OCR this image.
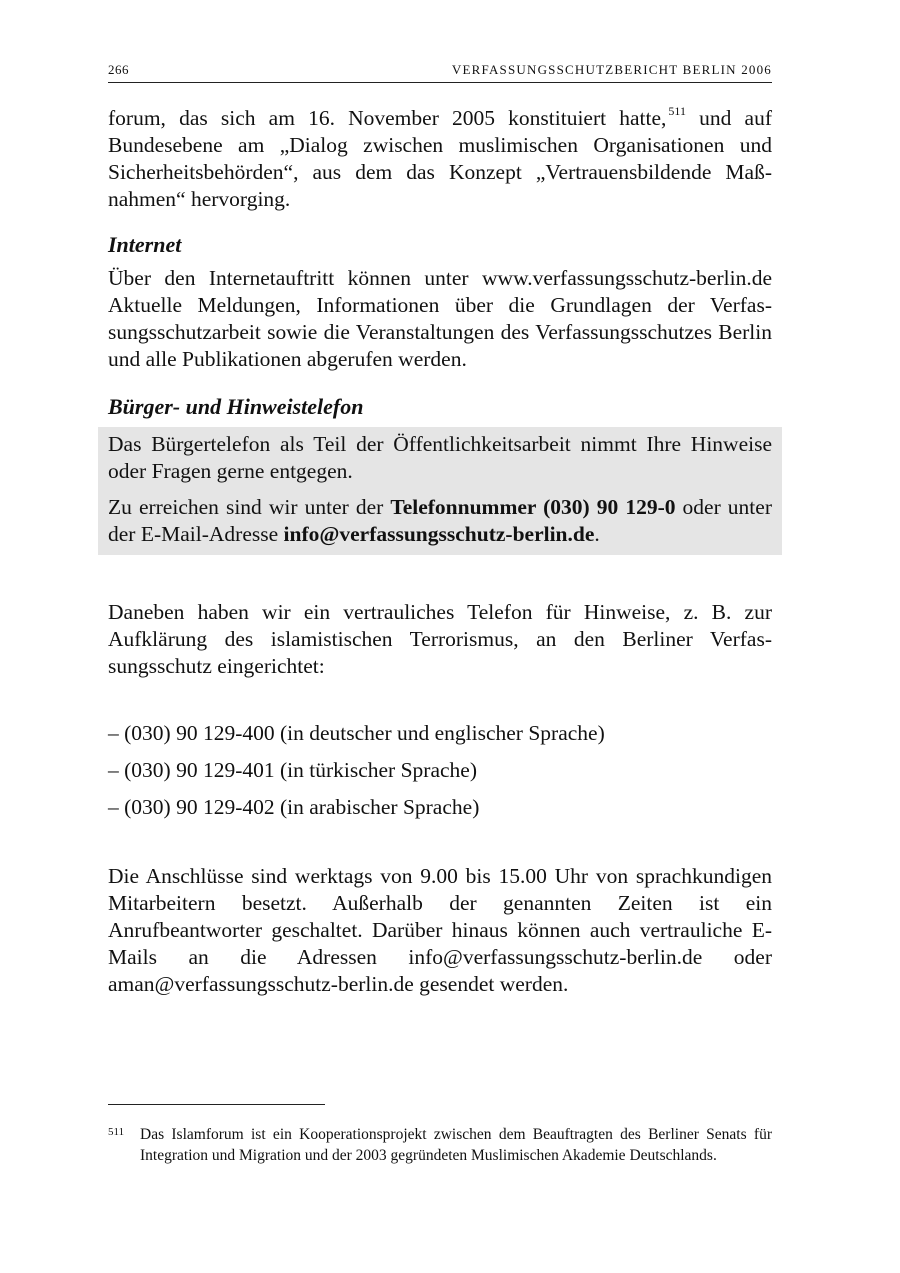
266	VERFASSUNGSSCHUTZBERICHT BERLIN 2006

forum, das sich am 16. November 2005 konstituiert hatte, $^{511}$ und auf Bundesebene am „Dialog zwischen muslimischen Organisationen und Sicherheitsbehörden“, aus dem das Konzept „Vertrauensbildende Maßnahmen“ hervorging.

Internet

Über den Internetauftritt können unter www.verfassungsschutz-berlin.de Aktuelle Meldungen, Informationen über die Grundlagen der Verfassungsschutzarbeit sowie die Veranstaltungen des Verfassungsschutzes Berlin und alle Publikationen abgerufen werden.

Bürger- und Hinweistelefon

Das Bürgertelefon als Teil der Öffentlichkeitsarbeit nimmt Ihre Hinweise oder Fragen gerne entgegen.

Zu erreichen sind wir unter der Telefonnummer (030) 90 129-0 oder unter der E-Mail-Adresse info@verfassungsschutz-berlin.de.

Daneben haben wir ein vertrauliches Telefon für Hinweise, z. B. zur Aufklärung des islamistischen Terrorismus, an den Berliner Verfassungsschutz eingerichtet:

– (030) 90 129-400 (in deutscher und englischer Sprache)
– (030) 90 129-401 (in türkischer Sprache)
– (030) 90 129-402 (in arabischer Sprache)

Die Anschlüsse sind werktags von 9.00 bis 15.00 Uhr von sprachkundigen Mitarbeitern besetzt. Außerhalb der genannten Zeiten ist ein Anrufbeantworter geschaltet. Darüber hinaus können auch vertrauliche E-Mails an die Adressen info@verfassungsschutz-berlin.de oder aman@verfassungsschutz-berlin.de gesendet werden.

511 Das Islamforum ist ein Kooperationsprojekt zwischen dem Beauftragten des Berliner Senats für Integration und Migration und der 2003 gegründeten Muslimischen Akademie Deutschlands.
